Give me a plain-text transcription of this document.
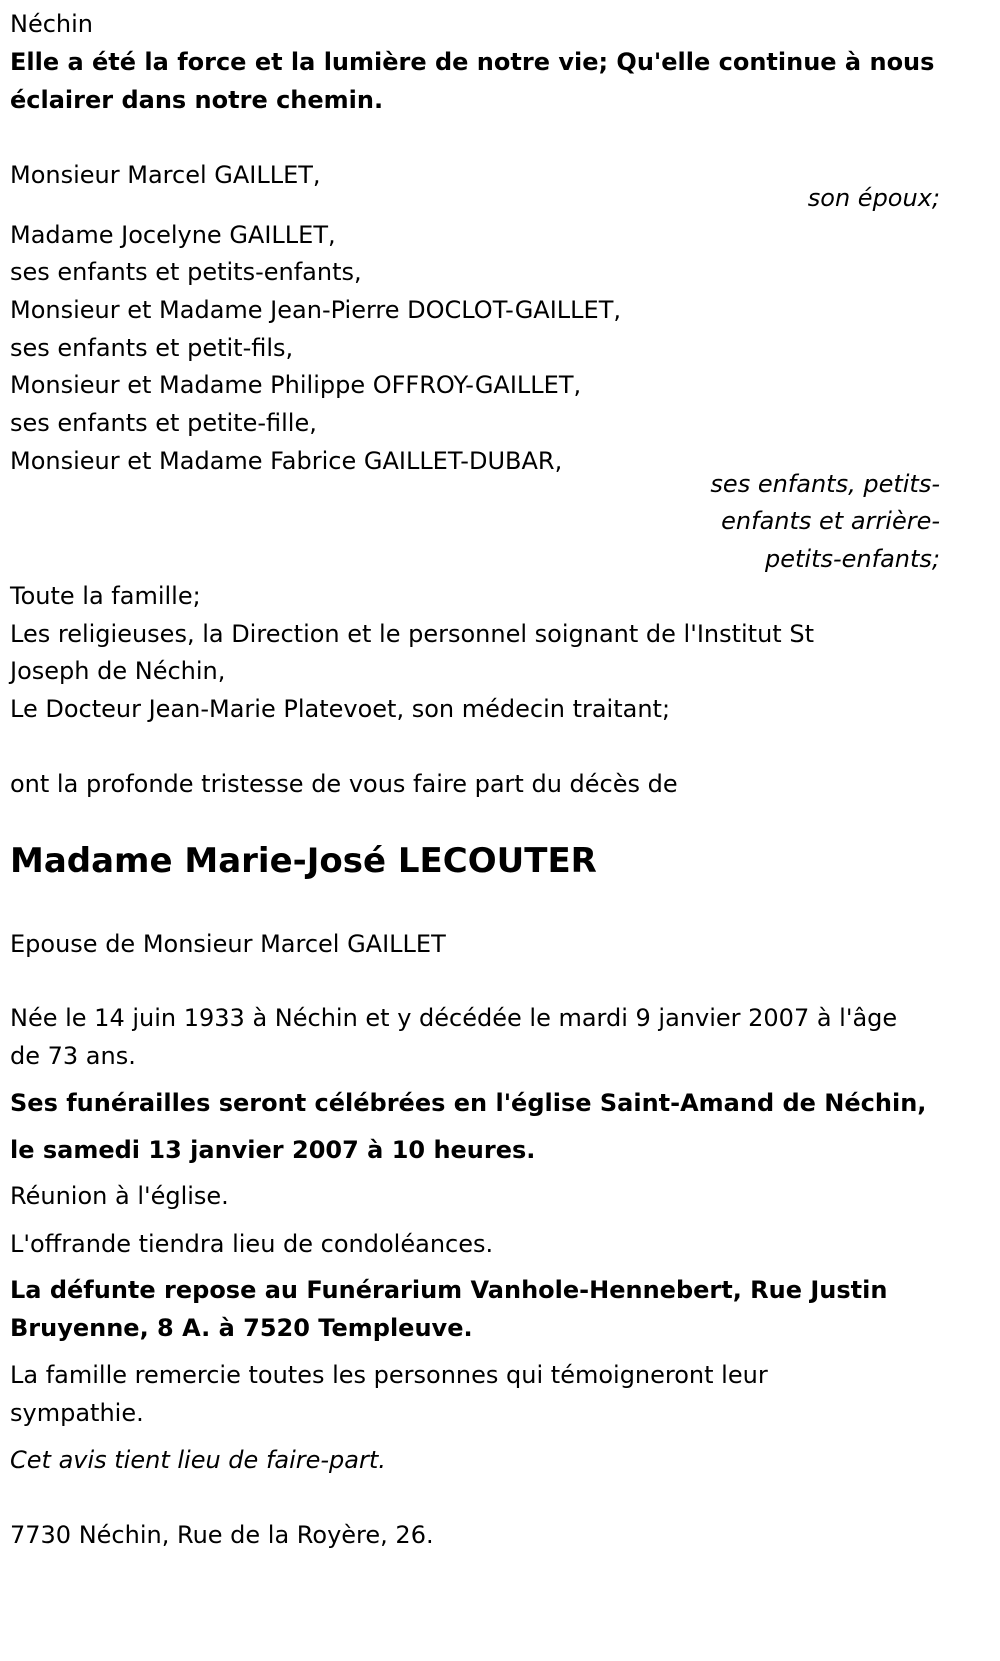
Néchin
Elle a été la force et la lumière de notre vie; Qu'elle continue à nous
éclairer dans notre chemin.
Monsieur Marcel GAILLET,
son époux;
Madame Jocelyne GAILLET,
ses enfants et petits-enfants,
Monsieur et Madame Jean-Pierre DOCLOT-GAILLET,
ses enfants et petit-fils,
Monsieur et Madame Philippe OFFROY-GAILLET,
ses enfants et petite-fille,
Monsieur et Madame Fabrice GAILLET-DUBAR,
ses enfants, petits-
enfants et arrière-
petits-enfants;
Toute la famille;
Les religieuses, la Direction et le personnel soignant de l'Institut St
Joseph de Néchin,
Le Docteur Jean-Marie Platevoet, son médecin traitant;
ont la profonde tristesse de vous faire part du décès de
Madame Marie-José LECOUTER
Epouse de Monsieur Marcel GAILLET
Née le 14 juin 1933 à Néchin et y décédée le mardi 9 janvier 2007 à l'âge
de 73 ans.
Ses funérailles seront célébrées en l'église Saint-Amand de Néchin,
le samedi 13 janvier 2007 à 10 heures.
Réunion à l'église.
L'offrande tiendra lieu de condoléances.
La défunte repose au Funérarium Vanhole-Hennebert, Rue Justin
Bruyenne, 8 A. à 7520 Templeuve.
La famille remercie toutes les personnes qui témoigneront leur
sympathie.
Cet avis tient lieu de faire-part.
7730 Néchin, Rue de la Royère, 26.
